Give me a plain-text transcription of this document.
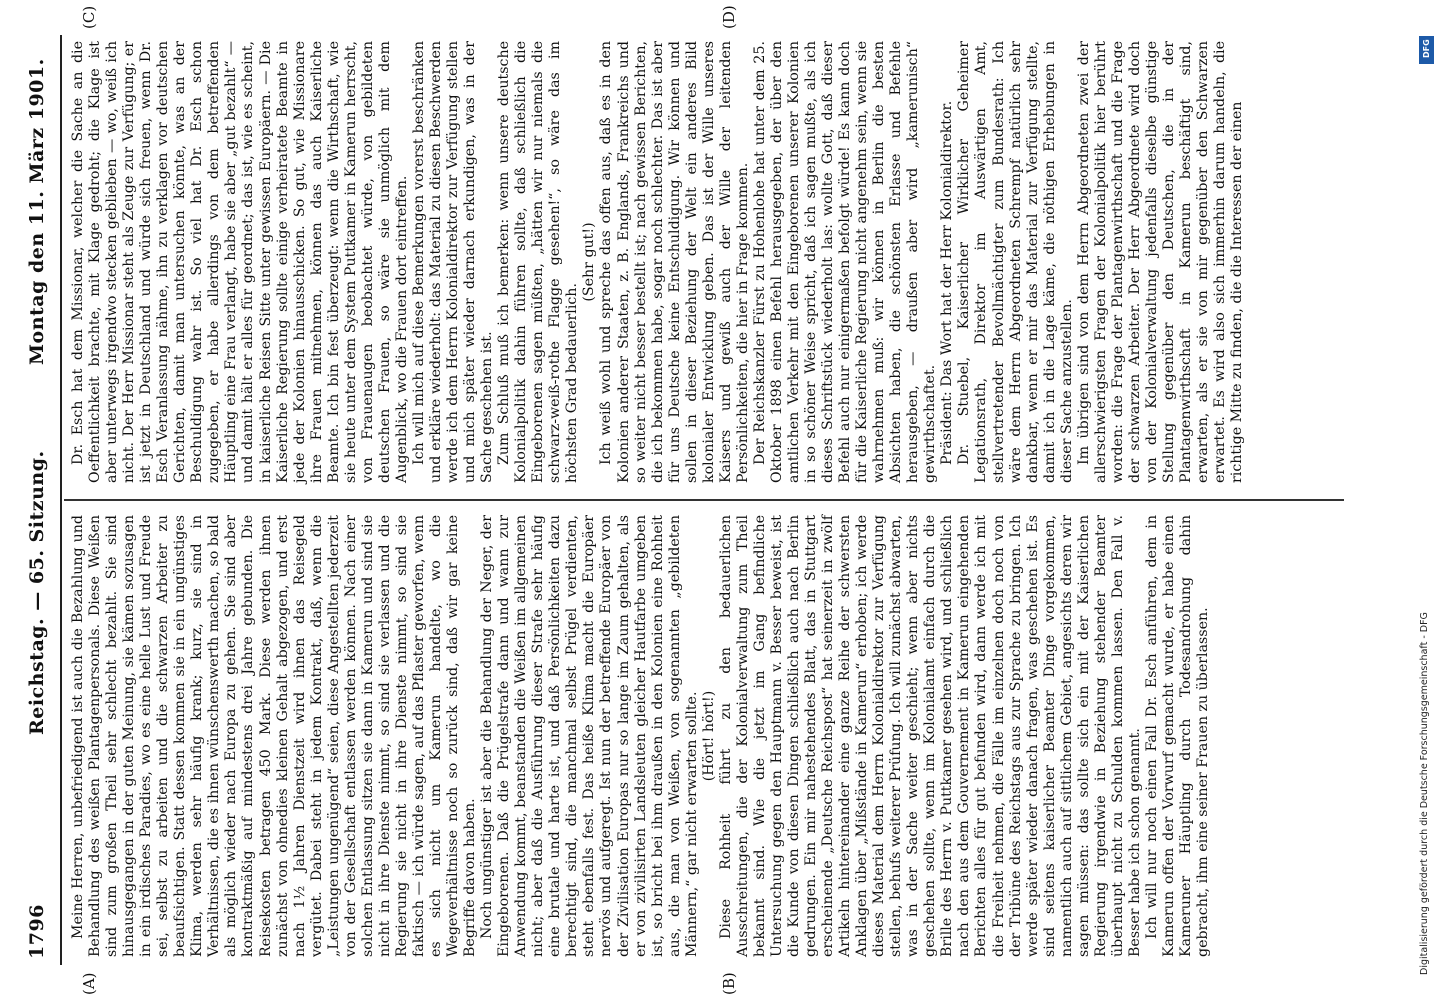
1796
Reichstag. — 65. Sitzung.
Montag den 11. März 1901.

Meine Herren, unbefriedigend ist auch die Bezahlung und Behandlung des weißen Plantagenpersonals. Diese Weißen sind zum großen Theil sehr schlecht bezahlt. Sie sind hinausgegangen in der guten Meinung, sie kämen sozusagen in ein irdisches Paradies, wo es eine helle Lust und Freude sei, selbst zu arbeiten und die schwarzen Arbeiter zu beaufsichtigen. Statt dessen kommen sie in ein ungünstiges Klima, werden sehr häufig krank; kurz, sie sind in Verhältnissen, die es ihnen wünschenswerth machen, so bald als möglich wieder nach Europa zu gehen. Sie sind aber kontraktmäßig auf mindestens drei Jahre gebunden. Die Reisekosten betragen 450 Mark. Diese werden ihnen zunächst von ohnedies kleinen Gehalt abgezogen, und erst nach 1½ Jahren Dienstzeit wird ihnen das Reisegeld vergütet. Dabei steht in jedem Kontrakt, daß, wenn die „Leistungen ungenügend“ seien, diese Angestellten jederzeit von der Gesellschaft entlassen werden können. Nach einer solchen Entlassung sitzen sie dann in Kamerun und sind sie nicht in ihre Dienste nimmt, so sind sie verlassen und die Regierung sie nicht in ihre Dienste nimmt, so sind sie faktisch — ich würde sagen, auf das Pflaster geworfen, wenn es sich nicht um Kamerun handelte, wo die Wegeverhältnisse noch so zurück sind, daß wir gar keine Begriffe davon haben. Noch ungünstiger ist aber die Behandlung der Neger, der Eingeborenen. Daß die Prügelstrafe dann und wann zur Anwendung kommt, beanstanden die Weißen im allgemeinen nicht; aber daß die Ausführung dieser Strafe sehr häufig eine brutale und harte ist, und daß Persönlichkeiten dazu berechtigt sind, die manchmal selbst Prügel verdienten, steht ebenfalls fest. Das heiße Klima macht die Europäer nervös und aufgeregt. Ist nun der betreffende Europäer von der Zivilisation Europas nur so lange im Zaum gehalten, als er von zivilisirten Landsleuten gleicher Hautfarbe umgeben ist, so bricht bei ihm draußen in den Kolonien eine Rohheit aus, die man von Weißen, von sogenannten „gebildeten Männern,“ gar nicht erwarten sollte. (Hört! hört!) Diese Rohheit führt zu den bedauerlichen Ausschreitungen, die der Kolonialverwaltung zum Theil bekannt sind. Wie die jetzt im Gang befindliche Untersuchung gegen den Hauptmann v. Besser beweist, ist die Kunde von diesen Dingen schließlich auch nach Berlin gedrungen. Ein mir nahestehendes Blatt, das in Stuttgart erscheinende „Deutsche Reichspost“ hat seinerzeit in zwölf Artikeln hintereinander eine ganze Reihe der schwersten Anklagen über „Mißstände in Kamerun“ erhoben; ich werde dieses Material dem Herrn Kolonialdirektor zur Verfügung stellen, behufs weiterer Prüfung. Ich will zunächst abwarten, was in der Sache weiter geschieht; wenn aber nichts geschehen sollte, wenn im Kolonialamt einfach durch die Brille des Herrn v. Puttkamer gesehen wird, und schließlich nach den aus dem Gouvernement in Kamerun eingehenden Berichten alles für gut befunden wird, dann werde ich mit die Freiheit nehmen, die Fälle im einzelnen doch noch von der Tribüne des Reichstags aus zur Sprache zu bringen. Ich werde später wieder danach fragen, was geschehen ist. Es sind seitens kaiserlicher Beamter Dinge vorgekommen, namentlich auch auf sittlichem Gebiet, angesichts deren wir sagen müssen: das sollte sich ein mit der Kaiserlichen Regierung irgendwie in Beziehung stehender Beamter überhaupt nicht zu Schulden kommen lassen. Den Fall v. Besser habe ich schon genannt. Ich will nur noch einen Fall Dr. Esch anführen, dem in Kamerun offen der Vorwurf gemacht wurde, er habe einen Kameruner Häuptling durch Todesandrohung dahin gebracht, ihm eine seiner Frauen zu überlassen.

Dr. Esch hat dem Missionar, welcher die Sache an die Oeffentlichkeit brachte, mit Klage gedroht; die Klage ist aber unterwegs irgendwo stecken geblieben — wo, weiß ich nicht. Der Herr Missionar steht als Zeuge zur Verfügung; er ist jetzt in Deutschland und würde sich freuen, wenn Dr. Esch Veranlassung nähme, ihn zu verklagen vor deutschen Gerichten, damit man untersuchen könnte, was an der Beschuldigung wahr ist. So viel hat Dr. Esch schon zugegeben, er habe allerdings von dem betreffenden Häuptling eine Frau verlangt, habe sie aber „gut bezahlt“ — und damit hält er alles für geordnet; das ist, wie es scheint, in kaiserliche Reisen Sitte unter gewissen Europäern. — Die Kaiserliche Regierung sollte einige verheiratete Beamte in jede der Kolonien hinausschicken. So gut, wie Missionare ihre Frauen mitnehmen, können das auch Kaiserliche Beamte. Ich bin fest überzeugt: wenn die Wirthschaft, wie sie heute unter dem System Puttkamer in Kamerun herrscht, von Frauenaugen beobachtet würde, von gebildeten deutschen Frauen, so wäre sie unmöglich mit dem Augenblick, wo die Frauen dort eintreffen. Ich will mich auf diese Bemerkungen vorerst beschränken und erkläre wiederholt: das Material zu diesen Beschwerden werde ich dem Herrn Kolonialdirektor zur Verfügung stellen und mich später wieder darnach erkundigen, was in der Sache geschehen ist. Zum Schluß muß ich bemerken: wenn unsere deutsche Kolonialpolitik dahin führen sollte, daß schließlich die Eingeborenen sagen müßten, „hätten wir nur niemals die schwarz-weiß-rothe Flagge gesehen!“, so wäre das im höchsten Grad bedauerlich.

(Sehr gut!) Ich weiß wohl und spreche das offen aus, daß es in den Kolonien anderer Staaten, z. B. Englands, Frankreichs und so weiter nicht besser bestellt ist; nach gewissen Berichten, die ich bekommen habe, sogar noch schlechter. Das ist aber für uns Deutsche keine Entschuldigung. Wir können und sollen in dieser Beziehung der Welt ein anderes Bild kolonialer Entwicklung geben. Das ist der Wille unseres Kaisers und gewiß auch der Wille der leitenden Persönlichkeiten, die hier in Frage kommen. Der Reichskanzler Fürst zu Hohenlohe hat unter dem 25. Oktober 1898 einen Befehl herausgegeben, der über den amtlichen Verkehr mit den Eingeborenen unserer Kolonien in so schöner Weise spricht, daß ich sagen mußte, als ich dieses Schriftstück wiederholt las: wollte Gott, daß dieser Befehl auch nur einigermaßen befolgt würde! Es kann doch für die Kaiserliche Regierung nicht angenehm sein, wenn sie wahrnehmen muß: wir können in Berlin die besten Absichten haben, die schönsten Erlasse und Befehle herausgeben, — draußen aber wird „kamerunisch“ gewirthschaftet. Präsident: Das Wort hat der Herr Kolonialdirektor. Dr. Stuebel, Kaiserlicher Wirklicher Geheimer Legationsrath, Direktor im Auswärtigen Amt, stellvertretender Bevollmächtigter zum Bundesrath: Ich wäre dem Herrn Abgeordneten Schrempf natürlich sehr dankbar, wenn er mir das Material zur Verfügung stellte, damit ich in die Lage käme, die nöthigen Erhebungen in dieser Sache anzustellen. Im übrigen sind von dem Herrn Abgeordneten zwei der allerschwierigsten Fragen der Kolonialpolitik hier berührt worden: die Frage der Plantagenwirthschaft und die Frage der schwarzen Arbeiter. Der Herr Abgeordnete wird doch von der Kolonialverwaltung jedenfalls dieselbe günstige Stellung gegenüber den Deutschen, die in der Plantagenwirthschaft in Kamerun beschäftigt sind, erwarten, als er sie von mir gegenüber den Schwarzen erwartet. Es wird also sich immerhin darum handeln, die richtige Mitte zu finden, die die Interessen der einen

(A)	(B)
(C)	(D)
DFG
Digitalisierung gefördert durch die Deutsche Forschungsgemeinschaft - DFG
